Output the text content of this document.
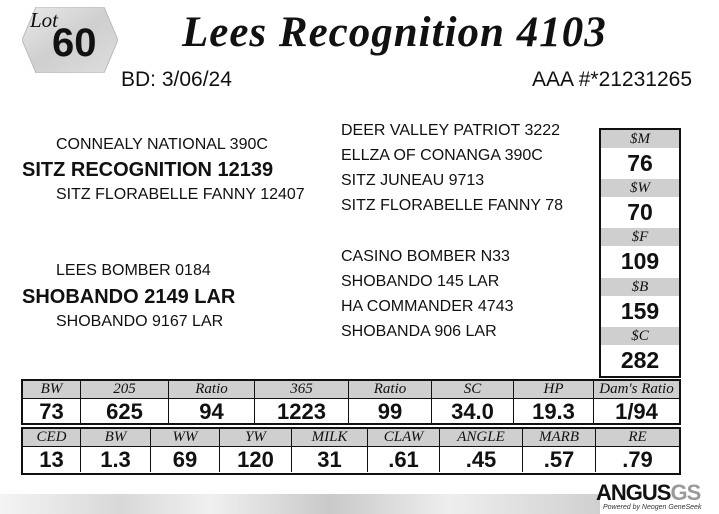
Lot
60 Lees Recognition 4103
BD: 3/06/24	AAA #*21231265
CONNEALY NATIONAL 390C
SITZ RECOGNITION 12139
SITZ FLORABELLE FANNY 12407
LEES BOMBER 0184
SHOBANDO 2149 LAR
SHOBANDO 9167 LAR
DEER VALLEY PATRIOT 3222
ELLZA OF CONANGA 390C
SITZ JUNEAU 9713
SITZ FLORABELLE FANNY 78
CASINO BOMBER N33
SHOBANDO 145 LAR
HA COMMANDER 4743
SHOBANDA 906 LAR
$M
76
$W
70
$F
109
$B
159
$C
282
BW	205	Ratio	365	Ratio	SC	HP	Dam's Ratio
73	625	94	1223	99	34.0	19.3	1/94
CED	BW	WW	YW	MILK	CLAW	ANGLE	MARB	RE
13	1.3	69	120	31	.61	.45	.57	.79
ANGUSGS
Powered by Neogen GeneSeek
